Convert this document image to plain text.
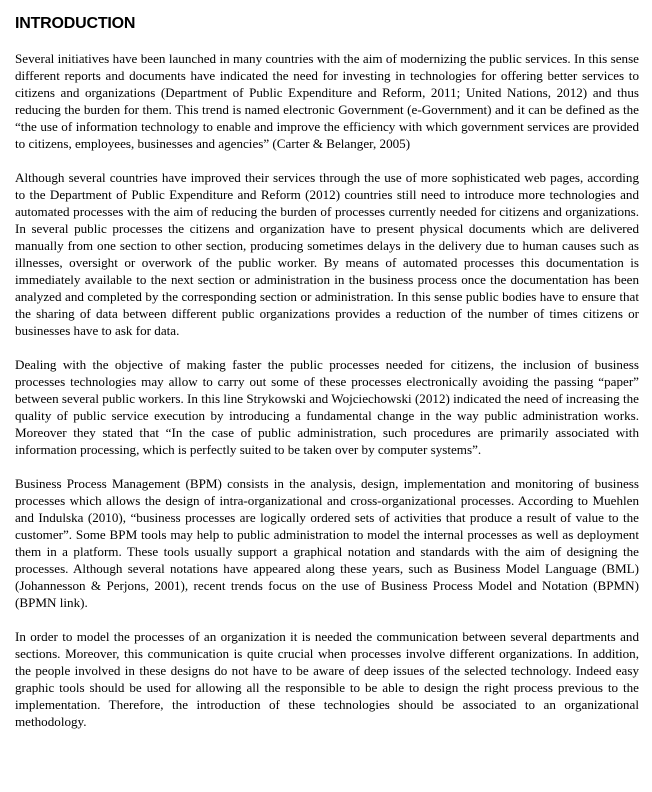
INTRODUCTION

Several initiatives have been launched in many countries with the aim of modernizing the public services. In this sense different reports and documents have indicated the need for investing in technologies for offering better services to citizens and organizations (Department of Public Expenditure and Reform, 2011; United Nations, 2012) and thus reducing the burden for them. This trend is named electronic Government (e-Government) and it can be defined as the “the use of information technology to enable and improve the efficiency with which government services are provided to citizens, employees, businesses and agencies” (Carter & Belanger, 2005)

Although several countries have improved their services through the use of more sophisticated web pages, according to the Department of Public Expenditure and Reform (2012) countries still need to introduce more technologies and automated processes with the aim of reducing the burden of processes currently needed for citizens and organizations. In several public processes the citizens and organization have to present physical documents which are delivered manually from one section to other section, producing sometimes delays in the delivery due to human causes such as illnesses, oversight or overwork of the public worker. By means of automated processes this documentation is immediately available to the next section or administration in the business process once the documentation has been analyzed and completed by the corresponding section or administration. In this sense public bodies have to ensure that the sharing of data between different public organizations provides a reduction of the number of times citizens or businesses have to ask for data.

Dealing with the objective of making faster the public processes needed for citizens, the inclusion of business processes technologies may allow to carry out some of these processes electronically avoiding the passing “paper” between several public workers. In this line Strykowski and Wojciechowski (2012) indicated the need of increasing the quality of public service execution by introducing a fundamental change in the way public administration works. Moreover they stated that “In the case of public administration, such procedures are primarily associated with information processing, which is perfectly suited to be taken over by computer systems”.

Business Process Management (BPM) consists in the analysis, design, implementation and monitoring of business processes which allows the design of intra-organizational and cross-organizational processes. According to Muehlen and Indulska (2010), “business processes are logically ordered sets of activities that produce a result of value to the customer”. Some BPM tools may help to public administration to model the internal processes as well as deployment them in a platform. These tools usually support a graphical notation and standards with the aim of designing the processes. Although several notations have appeared along these years, such as Business Model Language (BML) (Johannesson & Perjons, 2001), recent trends focus on the use of Business Process Model and Notation (BPMN) (BPMN link).

In order to model the processes of an organization it is needed the communication between several departments and sections. Moreover, this communication is quite crucial when processes involve different organizations. In addition, the people involved in these designs do not have to be aware of deep issues of the selected technology. Indeed easy graphic tools should be used for allowing all the responsible to be able to design the right process previous to the implementation. Therefore, the introduction of these technologies should be associated to an organizational methodology.
